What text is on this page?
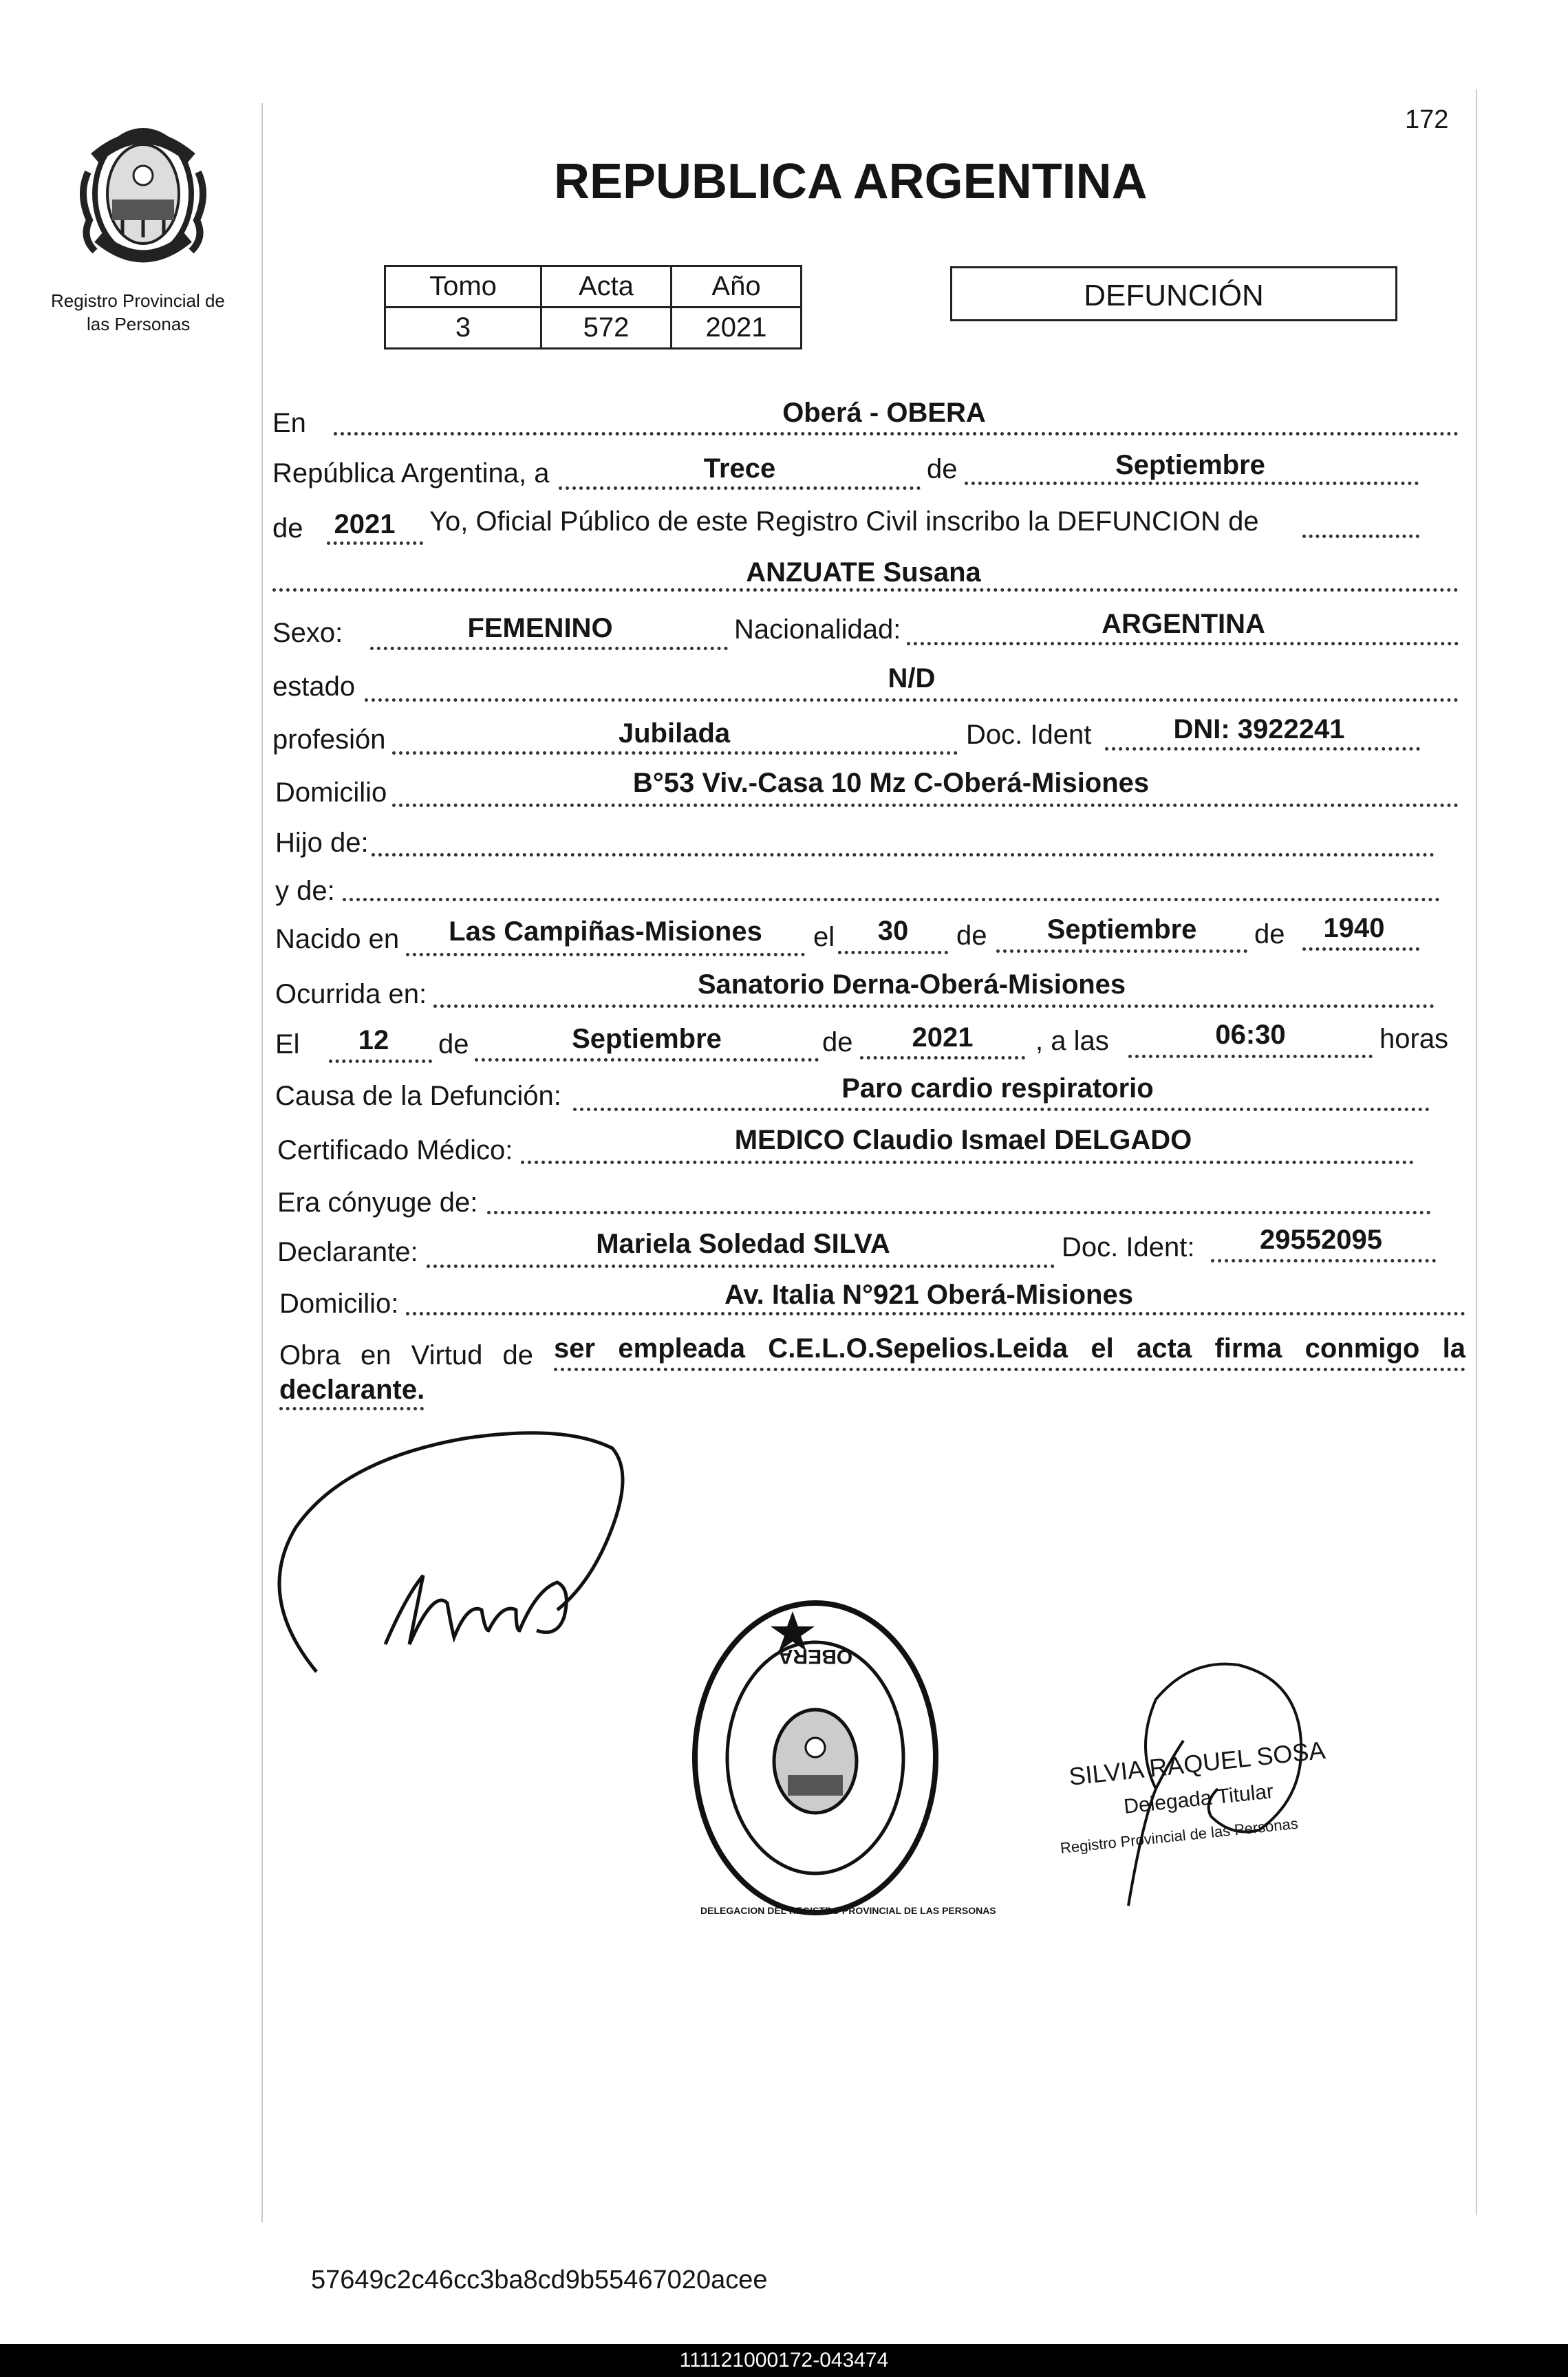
172
Registro Provincial de
las Personas
REPUBLICA ARGENTINA
Tomo	Acta	Año
3	572	2021
DEFUNCIÓN
En	Oberá - OBERA
República Argentina, a	Trece	de	Septiembre
de 2021 Yo, Oficial Público de este Registro Civil inscribo la DEFUNCION de
ANZUATE Susana
Sexo:	FEMENINO	Nacionalidad:	ARGENTINA
estado	N/D
profesión	Jubilada	Doc. Ident	DNI: 3922241
Domicilio	B°53 Viv.-Casa 10 Mz C-Oberá-Misiones
Hijo de:
y de:
Nacido en	Las Campiñas-Misiones	el	30	de	Septiembre	de	1940
Ocurrida en:	Sanatorio Derna-Oberá-Misiones
El	12	de	Septiembre	de	2021	, a las	06:30	horas
Causa de la Defunción:	Paro cardio respiratorio
Certificado Médico:	MEDICO Claudio Ismael DELGADO
Era cónyuge de:
Declarante:	Mariela Soledad SILVA	Doc. Ident:	29552095
Domicilio:	Av. Italia N°921 Oberá-Misiones
Obra en Virtud de ser empleada C.E.L.O.Sepelios.Leida el acta firma conmigo la
declarante.
DELEGACION DEL REGISTRO PROVINCIAL DE LAS PERSONAS
OBERA
SILVIA RAQUEL SOSA
Delegada Titular
Registro Provincial de las Personas
57649c2c46cc3ba8cd9b55467020acee
111121000172-043474
